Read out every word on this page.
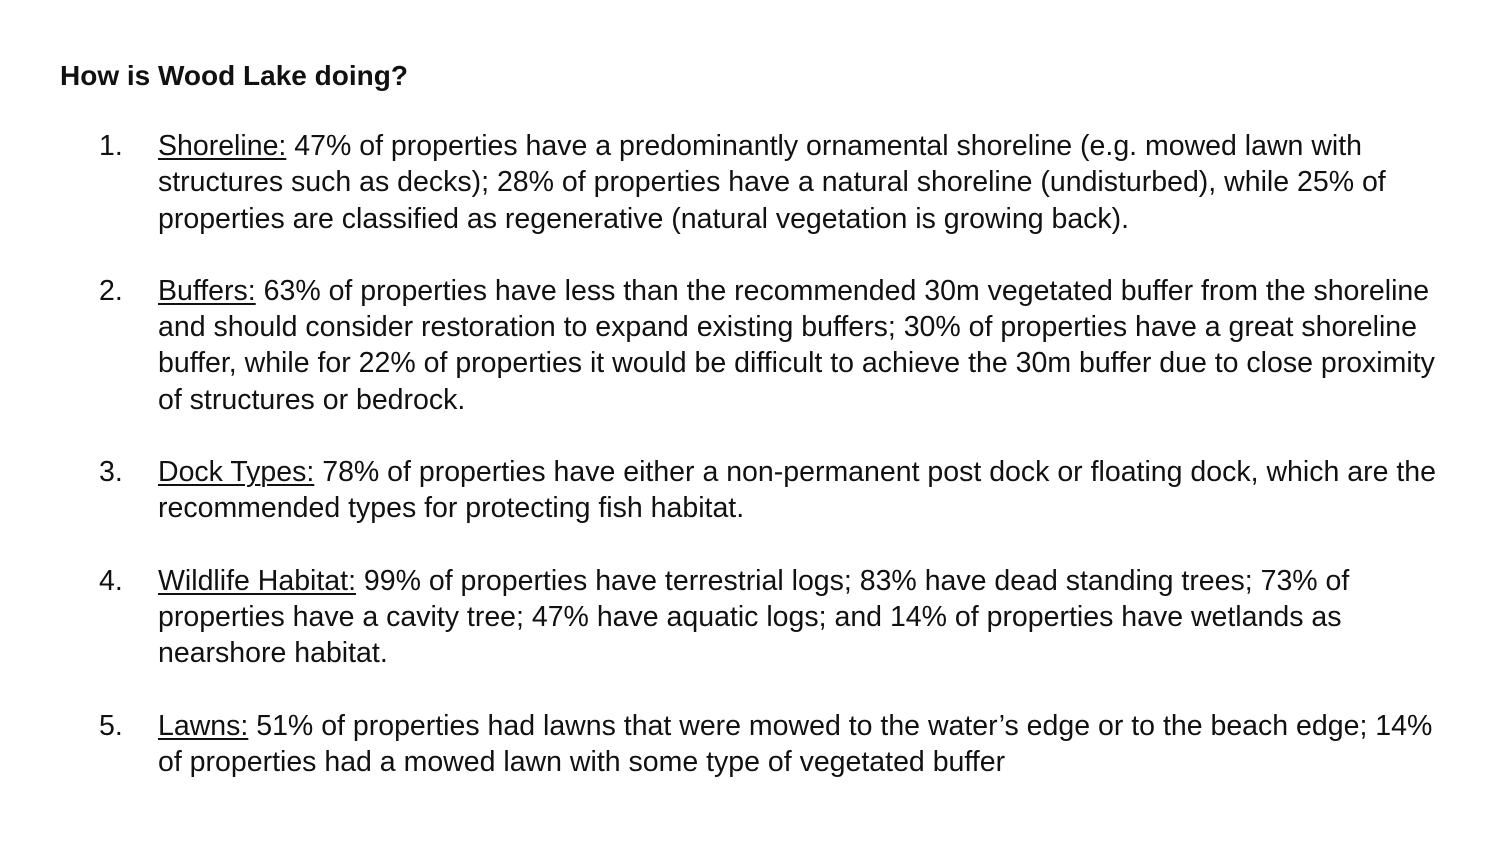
How is Wood Lake doing?
1. Shoreline: 47% of properties have a predominantly ornamental shoreline (e.g. mowed lawn with structures such as decks); 28% of properties have a natural shoreline (undisturbed), while 25% of properties are classified as regenerative (natural vegetation is growing back).
2. Buffers: 63% of properties have less than the recommended 30m vegetated buffer from the shoreline and should consider restoration to expand existing buffers; 30% of properties have a great shoreline buffer, while for 22% of properties it would be difficult to achieve the 30m buffer due to close proximity of structures or bedrock.
3. Dock Types: 78% of properties have either a non-permanent post dock or floating dock, which are the recommended types for protecting fish habitat.
4. Wildlife Habitat: 99% of properties have terrestrial logs; 83% have dead standing trees; 73% of properties have a cavity tree; 47% have aquatic logs; and 14% of properties have wetlands as nearshore habitat.
5. Lawns: 51% of properties had lawns that were mowed to the water’s edge or to the beach edge; 14% of properties had a mowed lawn with some type of vegetated buffer
